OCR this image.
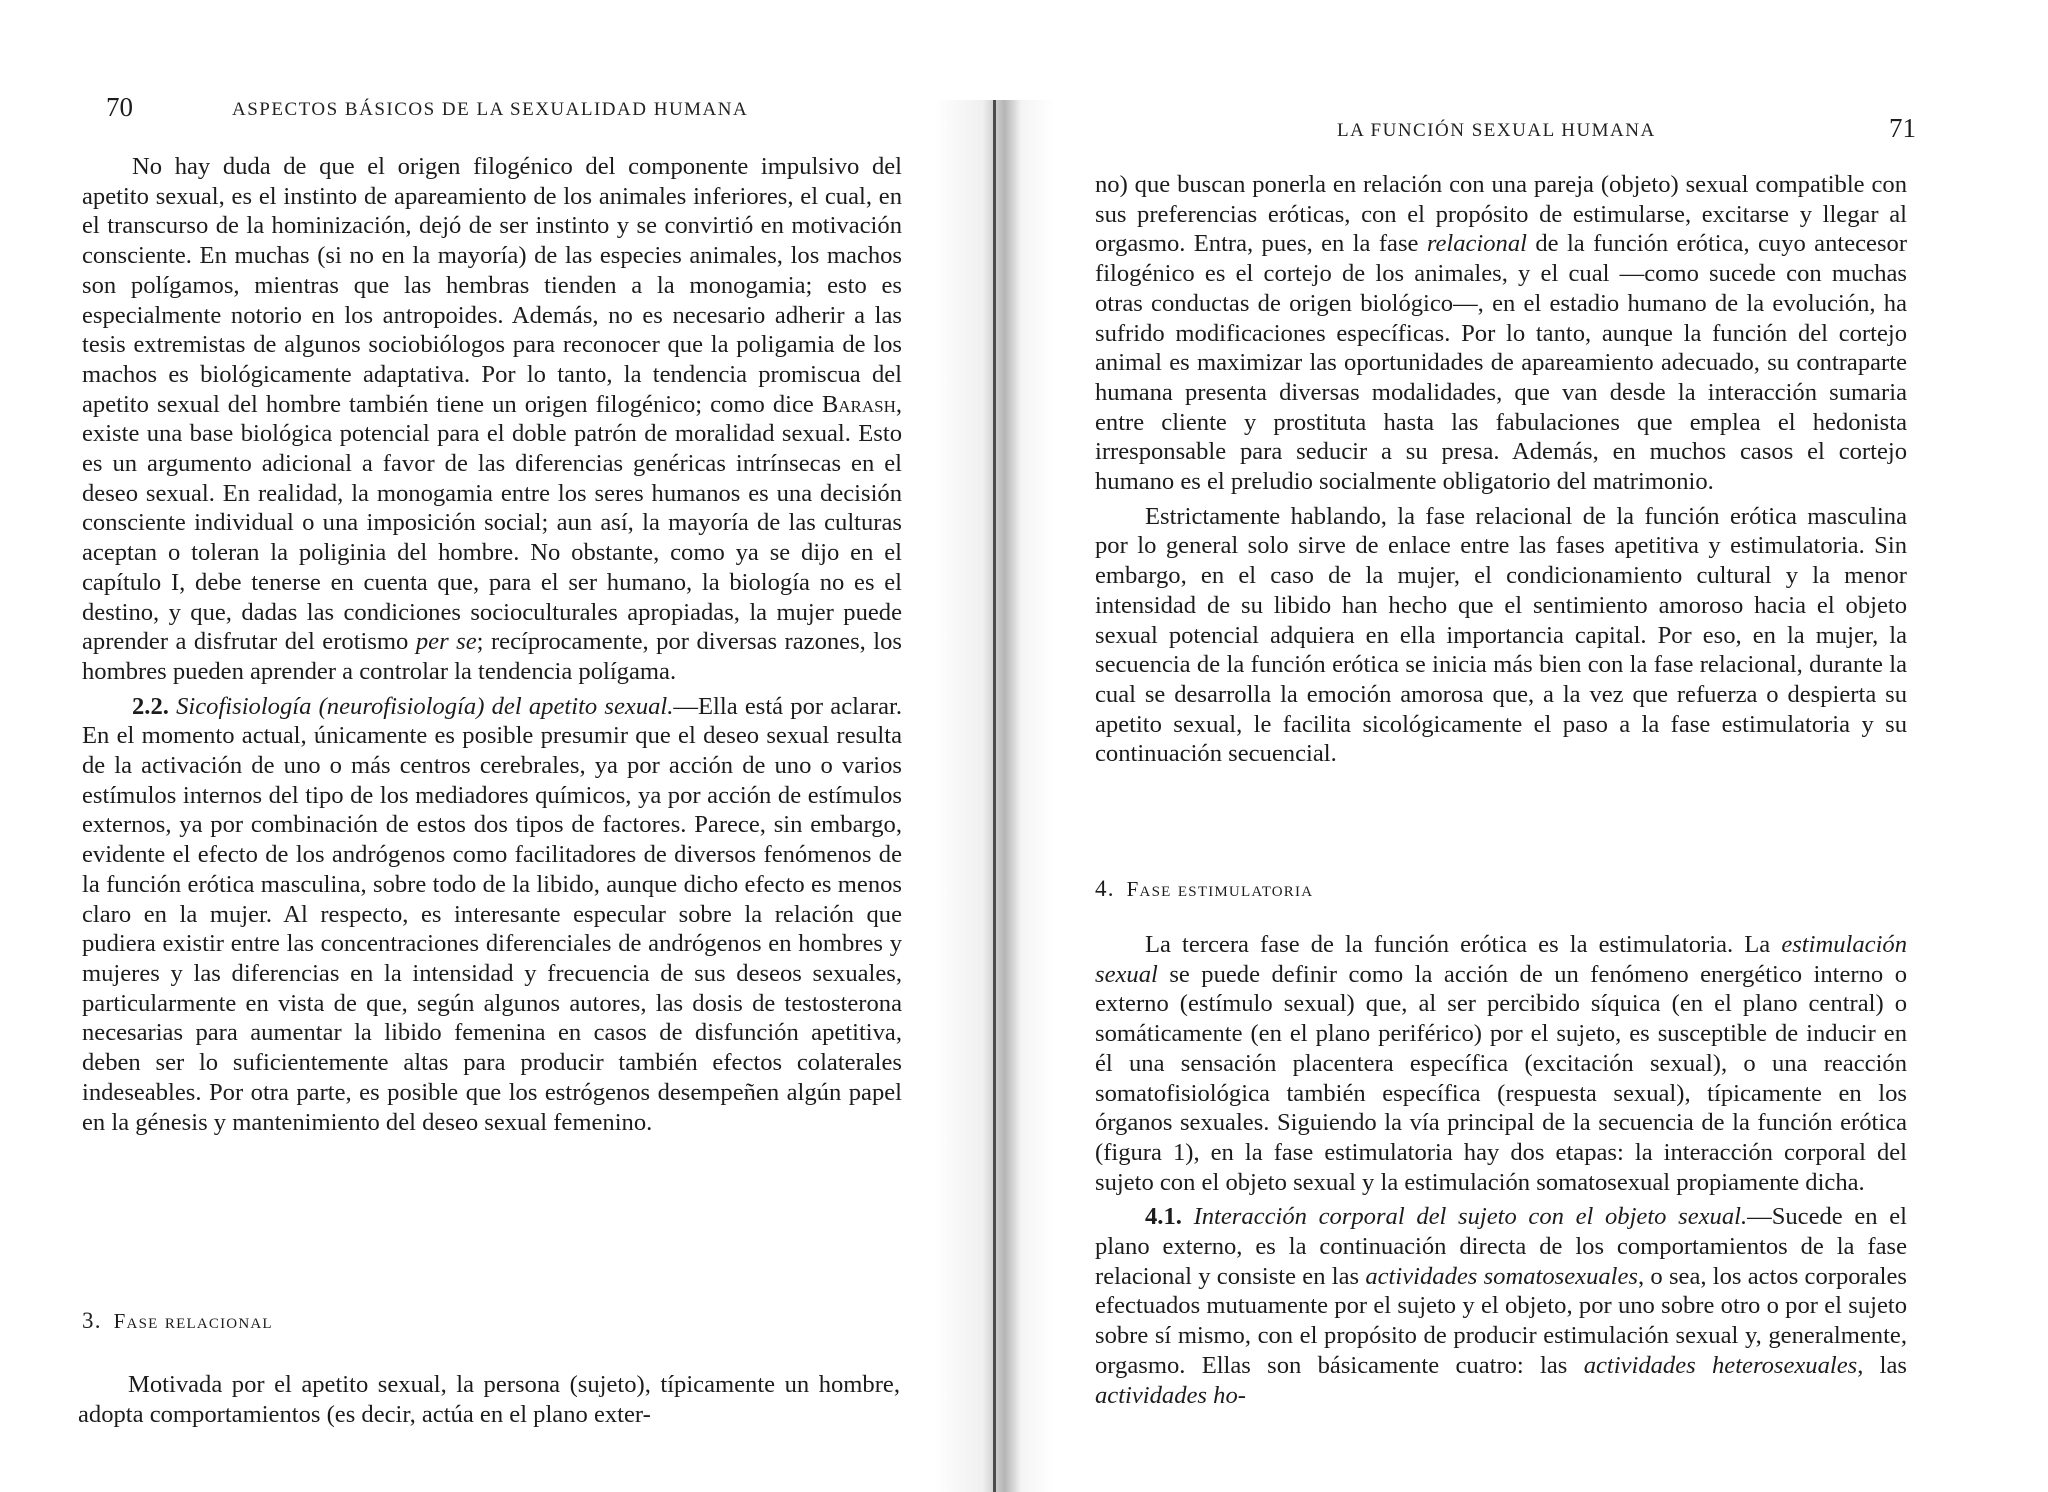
70	ASPECTOS BÁSICOS DE LA SEXUALIDAD HUMANA

No hay duda de que el origen filogénico del componente impulsivo del apetito sexual, es el instinto de apareamiento de los animales inferiores, el cual, en el transcurso de la hominización, dejó de ser instinto y se convirtió en motivación consciente. En muchas (si no en la mayoría) de las especies animales, los machos son polígamos, mientras que las hembras tienden a la monogamia; esto es especialmente notorio en los antropoides. Además, no es necesario adherir a las tesis extremistas de algunos sociobiólogos para reconocer que la poligamia de los machos es biológicamente adaptativa. Por lo tanto, la tendencia promiscua del apetito sexual del hombre también tiene un origen filogénico; como dice Barash, existe una base biológica potencial para el doble patrón de moralidad sexual. Esto es un argumento adicional a favor de las diferencias genéricas intrínsecas en el deseo sexual. En realidad, la monogamia entre los seres humanos es una decisión consciente individual o una imposición social; aun así, la mayoría de las culturas aceptan o toleran la poliginia del hombre. No obstante, como ya se dijo en el capítulo I, debe tenerse en cuenta que, para el ser humano, la biología no es el destino, y que, dadas las condiciones socioculturales apropiadas, la mujer puede aprender a disfrutar del erotismo per se; recíprocamente, por diversas razones, los hombres pueden aprender a controlar la tendencia polígama.

2.2. Sicofisiología (neurofisiología) del apetito sexual.—Ella está por aclarar. En el momento actual, únicamente es posible presumir que el deseo sexual resulta de la activación de uno o más centros cerebrales, ya por acción de uno o varios estímulos internos del tipo de los mediadores químicos, ya por acción de estímulos externos, ya por combinación de estos dos tipos de factores. Parece, sin embargo, evidente el efecto de los andrógenos como facilitadores de diversos fenómenos de la función erótica masculina, sobre todo de la libido, aunque dicho efecto es menos claro en la mujer. Al respecto, es interesante especular sobre la relación que pudiera existir entre las concentraciones diferenciales de andrógenos en hombres y mujeres y las diferencias en la intensidad y frecuencia de sus deseos sexuales, particularmente en vista de que, según algunos autores, las dosis de testosterona necesarias para aumentar la libido femenina en casos de disfunción apetitiva, deben ser lo suficientemente altas para producir también efectos colaterales indeseables. Por otra parte, es posible que los estrógenos desempeñen algún papel en la génesis y mantenimiento del deseo sexual femenino.

3. Fase relacional

Motivada por el apetito sexual, la persona (sujeto), típicamente un hombre, adopta comportamientos (es decir, actúa en el plano exter-

LA FUNCIÓN SEXUAL HUMANA	71

no) que buscan ponerla en relación con una pareja (objeto) sexual compatible con sus preferencias eróticas, con el propósito de estimularse, excitarse y llegar al orgasmo. Entra, pues, en la fase relacional de la función erótica, cuyo antecesor filogénico es el cortejo de los animales, y el cual —como sucede con muchas otras conductas de origen biológico—, en el estadio humano de la evolución, ha sufrido modificaciones específicas. Por lo tanto, aunque la función del cortejo animal es maximizar las oportunidades de apareamiento adecuado, su contraparte humana presenta diversas modalidades, que van desde la interacción sumaria entre cliente y prostituta hasta las fabulaciones que emplea el hedonista irresponsable para seducir a su presa. Además, en muchos casos el cortejo humano es el preludio socialmente obligatorio del matrimonio.

Estrictamente hablando, la fase relacional de la función erótica masculina por lo general solo sirve de enlace entre las fases apetitiva y estimulatoria. Sin embargo, en el caso de la mujer, el condicionamiento cultural y la menor intensidad de su libido han hecho que el sentimiento amoroso hacia el objeto sexual potencial adquiera en ella importancia capital. Por eso, en la mujer, la secuencia de la función erótica se inicia más bien con la fase relacional, durante la cual se desarrolla la emoción amorosa que, a la vez que refuerza o despierta su apetito sexual, le facilita sicológicamente el paso a la fase estimulatoria y su continuación secuencial.

4. Fase estimulatoria

La tercera fase de la función erótica es la estimulatoria. La estimulación sexual se puede definir como la acción de un fenómeno energético interno o externo (estímulo sexual) que, al ser percibido síquica (en el plano central) o somáticamente (en el plano periférico) por el sujeto, es susceptible de inducir en él una sensación placentera específica (excitación sexual), o una reacción somatofisiológica también específica (respuesta sexual), típicamente en los órganos sexuales. Siguiendo la vía principal de la secuencia de la función erótica (figura 1), en la fase estimulatoria hay dos etapas: la interacción corporal del sujeto con el objeto sexual y la estimulación somatosexual propiamente dicha.

4.1. Interacción corporal del sujeto con el objeto sexual.—Sucede en el plano externo, es la continuación directa de los comportamientos de la fase relacional y consiste en las actividades somatosexuales, o sea, los actos corporales efectuados mutuamente por el sujeto y el objeto, por uno sobre otro o por el sujeto sobre sí mismo, con el propósito de producir estimulación sexual y, generalmente, orgasmo. Ellas son básicamente cuatro: las actividades heterosexuales, las actividades ho-
